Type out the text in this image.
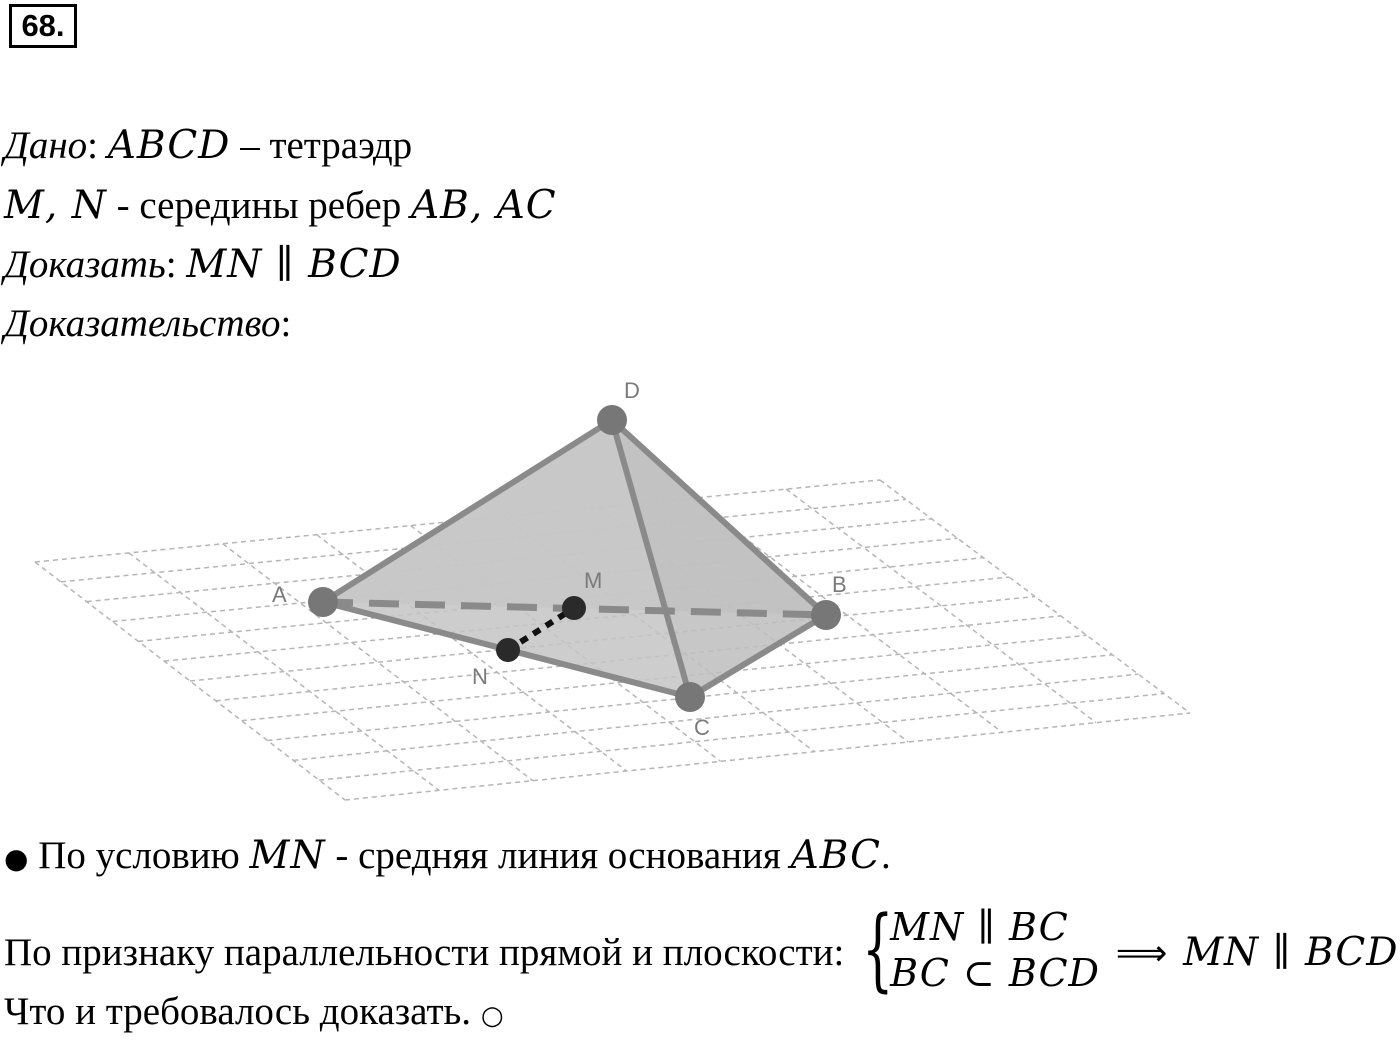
68.
Дано: ABCD – тетраэдр
M, N - середины ребер AB, AC
Доказать: MN ∥ BCD
Доказательство:
D
A	B
C
M
N
● По условию MN - средняя линия основания ABC.
По признаку параллельности прямой и плоскости: {
MN ∥ BC
BC ⊂ BCD ⟹ MN ∥ BCD
Что и требовалось доказать. ○
